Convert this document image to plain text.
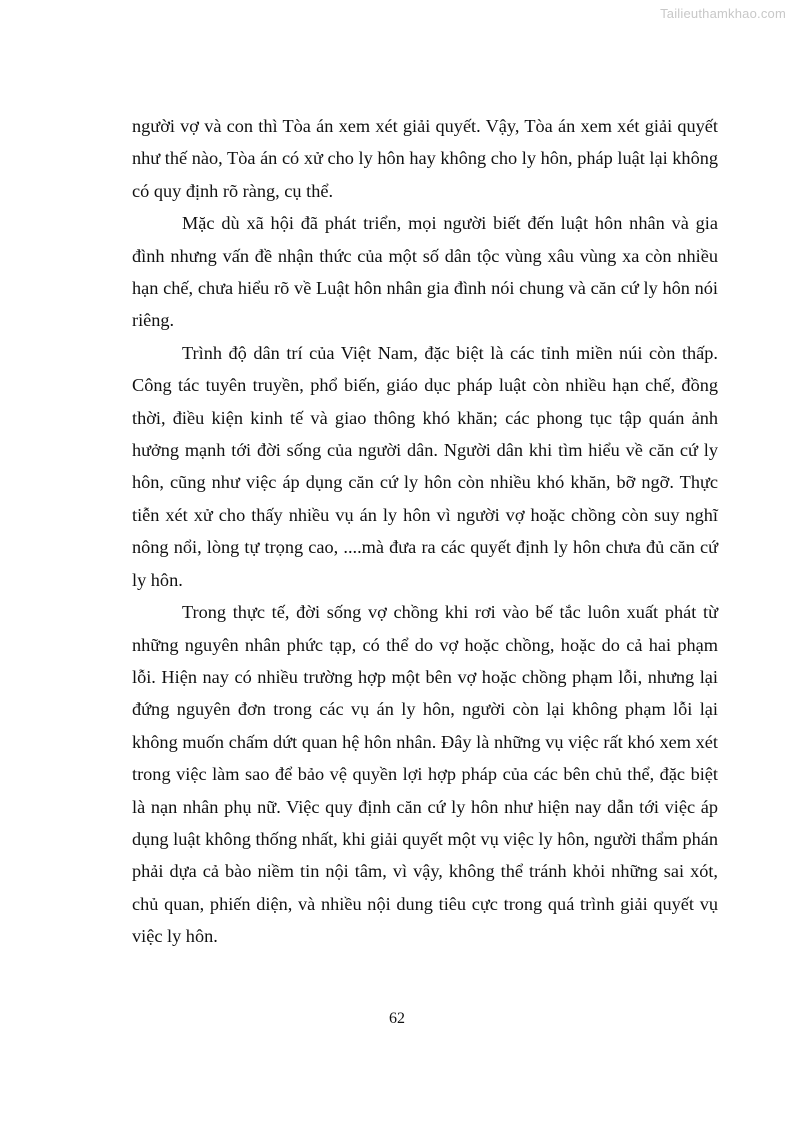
Tailieuthamkhao.com

người vợ và con thì Tòa án xem xét giải quyết. Vậy, Tòa án xem xét giải quyết như thế nào, Tòa án có xử cho ly hôn hay không cho ly hôn, pháp luật lại không có quy định rõ ràng, cụ thể.

Mặc dù xã hội đã phát triển, mọi người biết đến luật hôn nhân và gia đình nhưng vấn đề nhận thức của một số dân tộc vùng xâu vùng xa còn nhiều hạn chế, chưa hiểu rõ về Luật hôn nhân gia đình nói chung và căn cứ ly hôn nói riêng.

Trình độ dân trí của Việt Nam, đặc biệt là các tỉnh miền núi còn thấp. Công tác tuyên truyền, phổ biến, giáo dục pháp luật còn nhiều hạn chế, đồng thời, điều kiện kinh tế và giao thông khó khăn; các phong tục tập quán ảnh hưởng mạnh tới đời sống của người dân. Người dân khi tìm hiểu về căn cứ ly hôn, cũng như việc áp dụng căn cứ ly hôn còn nhiều khó khăn, bỡ ngỡ. Thực tiễn xét xử cho thấy nhiều vụ án ly hôn vì người vợ hoặc chồng còn suy nghĩ nông nổi, lòng tự trọng cao, ....mà đưa ra các quyết định ly hôn chưa đủ căn cứ ly hôn.

Trong thực tế, đời sống vợ chồng khi rơi vào bế tắc luôn xuất phát từ những nguyên nhân phức tạp, có thể do vợ hoặc chồng, hoặc do cả hai phạm lỗi. Hiện nay có nhiều trường hợp một bên vợ hoặc chồng phạm lỗi, nhưng lại đứng nguyên đơn trong các vụ án ly hôn, người còn lại không phạm lỗi lại không muốn chấm dứt quan hệ hôn nhân. Đây là những vụ việc rất khó xem xét trong việc làm sao để bảo vệ quyền lợi hợp pháp của các bên chủ thể, đặc biệt là nạn nhân phụ nữ. Việc quy định căn cứ ly hôn như hiện nay dẫn tới việc áp dụng luật không thống nhất, khi giải quyết một vụ việc ly hôn, người thẩm phán phải dựa cả bào niềm tin nội tâm, vì vậy, không thể tránh khỏi những sai xót, chủ quan, phiến diện, và nhiều nội dung tiêu cực trong quá trình giải quyết vụ việc ly hôn.

62
